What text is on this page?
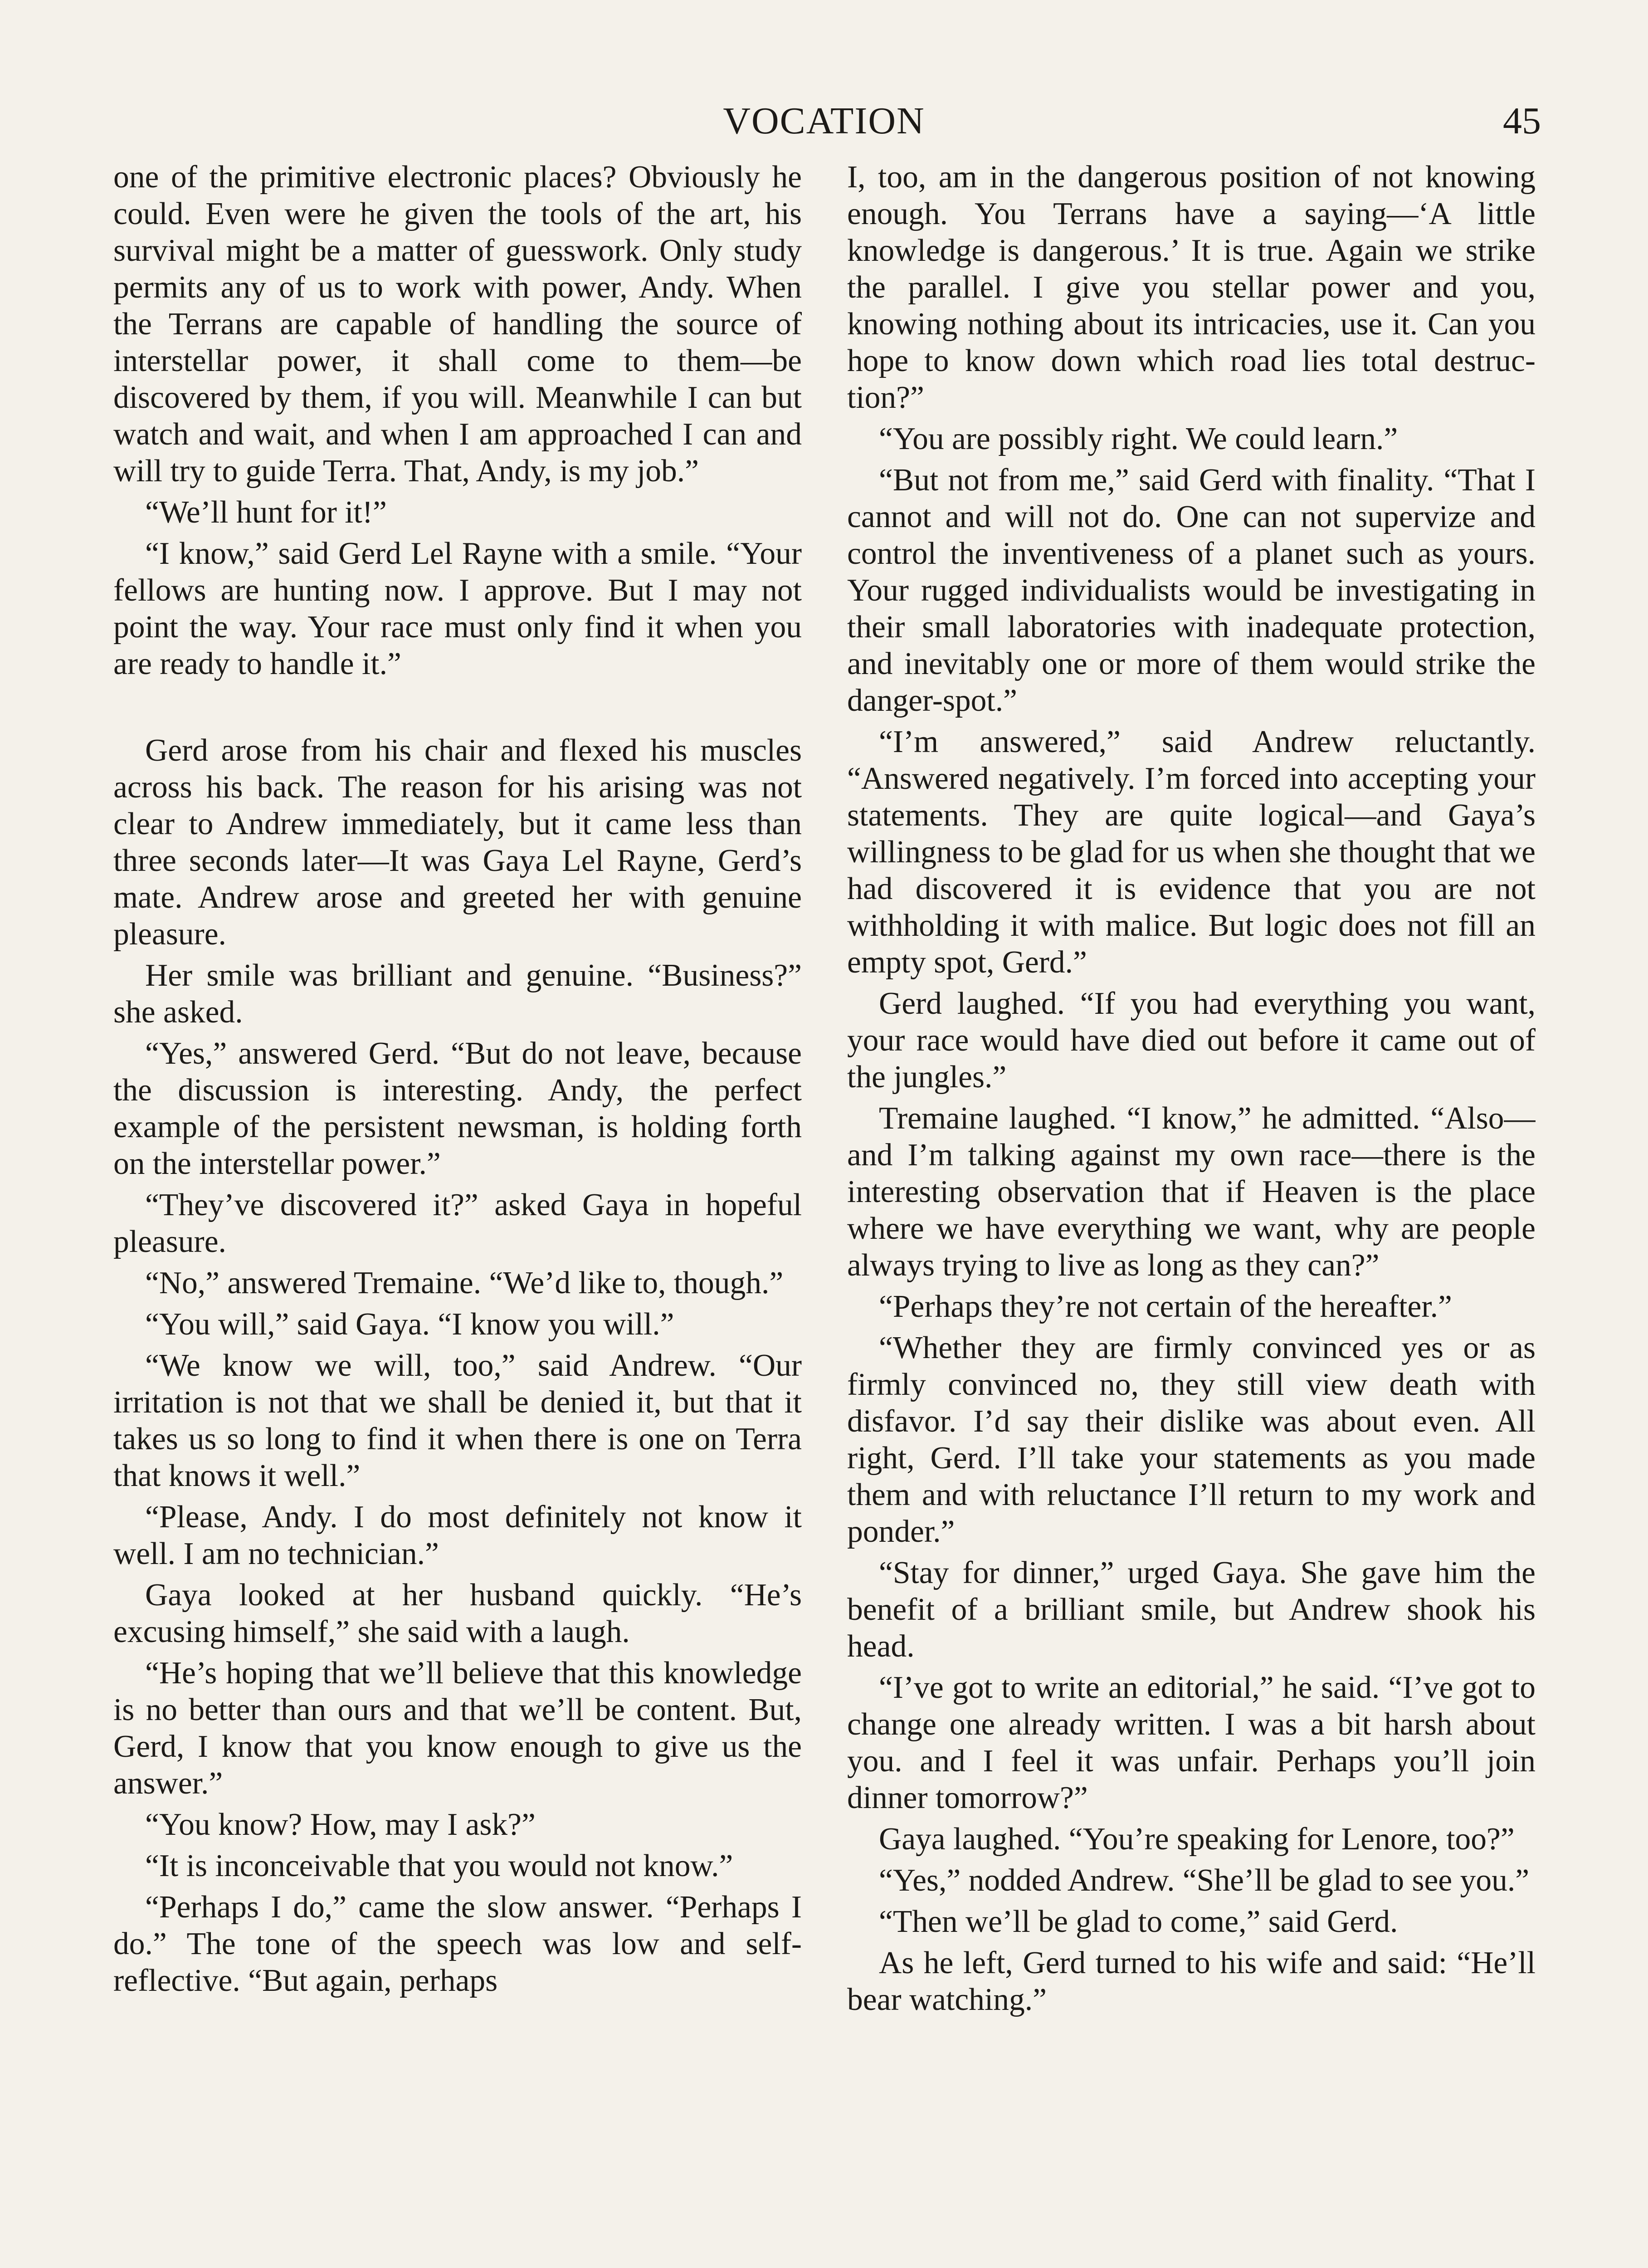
VOCATION	45

one of the primitive electronic places? Obviously he could. Even were he given the tools of the art, his survival might be a matter of guesswork. Only study permits any of us to work with power, Andy. When the Terrans are capable of handling the source of interstellar power, it shall come to them—be discovered by them, if you will. Meanwhile I can but watch and wait, and when I am approached I can and will try to guide Terra. That, Andy, is my job.”

“We’ll hunt for it!”

“I know,” said Gerd Lel Rayne with a smile. “Your fellows are hunting now. I approve. But I may not point the way. Your race must only find it when you are ready to handle it.”

Gerd arose from his chair and flexed his muscles across his back. The reason for his arising was not clear to Andrew immediately, but it came less than three seconds later—It was Gaya Lel Rayne, Gerd’s mate. Andrew arose and greeted her with genuine pleasure.

Her smile was brilliant and genuine. “Business?” she asked.

“Yes,” answered Gerd. “But do not leave, because the discussion is interesting. Andy, the perfect example of the persistent newsman, is holding forth on the interstellar power.”

“They’ve discovered it?” asked Gaya in hopeful pleasure.

“No,” answered Tremaine. “We’d like to, though.”

“You will,” said Gaya. “I know you will.”

“We know we will, too,” said Andrew. “Our irritation is not that we shall be denied it, but that it takes us so long to find it when there is one on Terra that knows it well.”

“Please, Andy. I do most definitely not know it well. I am no technician.”

Gaya looked at her husband quickly. “He’s excusing himself,” she said with a laugh.

“He’s hoping that we’ll believe that this knowledge is no better than ours and that we’ll be content. But, Gerd, I know that you know enough to give us the answer.”

“You know? How, may I ask?”

“It is inconceivable that you would not know.”

“Perhaps I do,” came the slow answer. “Perhaps I do.” The tone of the speech was low and self-reflective. “But again, perhaps

I, too, am in the dangerous position of not knowing enough. You Terrans have a saying—‘A little knowledge is dangerous.’ It is true. Again we strike the parallel. I give you stellar power and you, knowing nothing about its intricacies, use it. Can you hope to know down which road lies total destruction?”

“You are possibly right. We could learn.”

“But not from me,” said Gerd with finality. “That I cannot and will not do. One can not supervize and control the inventiveness of a planet such as yours. Your rugged individualists would be investigating in their small laboratories with inadequate protection, and inevitably one or more of them would strike the danger-spot.”

“I’m answered,” said Andrew reluctantly. “Answered negatively. I’m forced into accepting your statements. They are quite logical—and Gaya’s willingness to be glad for us when she thought that we had discovered it is evidence that you are not withholding it with malice. But logic does not fill an empty spot, Gerd.”

Gerd laughed. “If you had everything you want, your race would have died out before it came out of the jungles.”

Tremaine laughed. “I know,” he admitted. “Also—and I’m talking against my own race—there is the interesting observation that if Heaven is the place where we have everything we want, why are people always trying to live as long as they can?”

“Perhaps they’re not certain of the hereafter.”

“Whether they are firmly convinced yes or as firmly convinced no, they still view death with disfavor. I’d say their dislike was about even. All right, Gerd. I’ll take your statements as you made them and with reluctance I’ll return to my work and ponder.”

“Stay for dinner,” urged Gaya. She gave him the benefit of a brilliant smile, but Andrew shook his head.

“I’ve got to write an editorial,” he said. “I’ve got to change one already written. I was a bit harsh about you. and I feel it was unfair. Perhaps you’ll join dinner tomorrow?”

Gaya laughed. “You’re speaking for Lenore, too?”

“Yes,” nodded Andrew. “She’ll be glad to see you.”

“Then we’ll be glad to come,” said Gerd.

As he left, Gerd turned to his wife and said: “He’ll bear watching.”
